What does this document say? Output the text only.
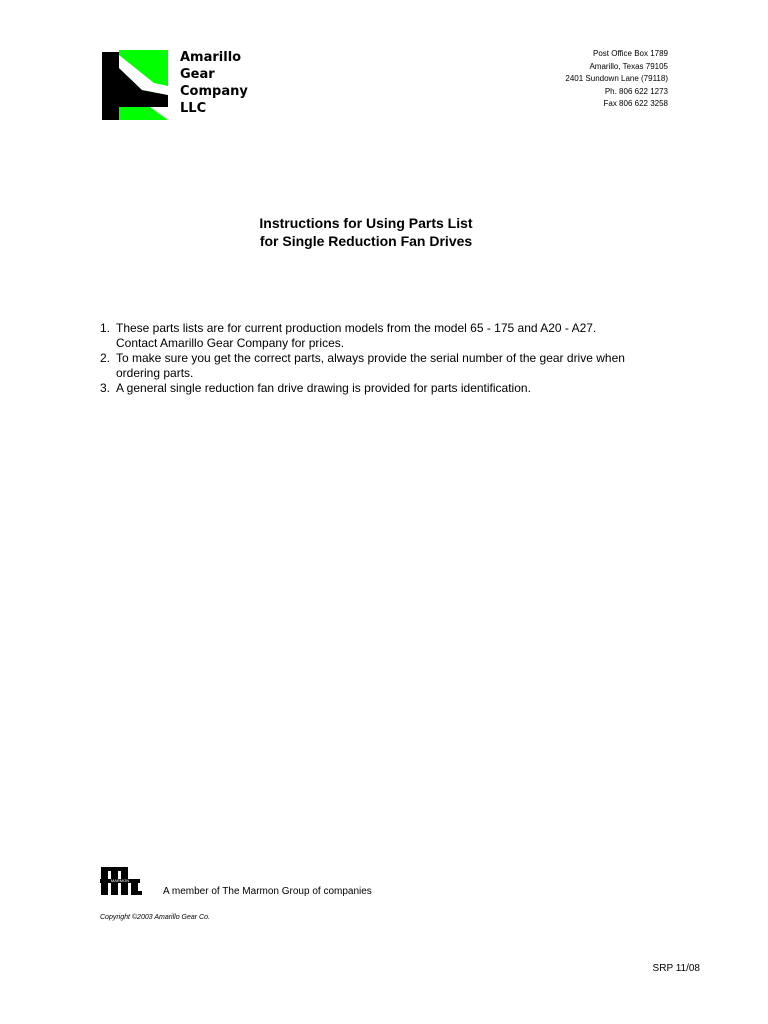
Amarillo
Gear
Company
LLC
Post Office Box 1789
Amarillo, Texas 79105
2401 Sundown Lane (79118)
Ph. 806 622 1273
Fax 806 622 3258
Instructions for Using Parts List
for Single Reduction Fan Drives
1. These parts lists are for current production models from the model 65 - 175 and A20 - A27.
Contact Amarillo Gear Company for prices.
2. To make sure you get the correct parts, always provide the serial number of the gear drive when
ordering parts.
3. A general single reduction fan drive drawing is provided for parts identification.
MARMON
A member of The Marmon Group of companies
Copyright ©2003 Amarillo Gear Co.
SRP 11/08
